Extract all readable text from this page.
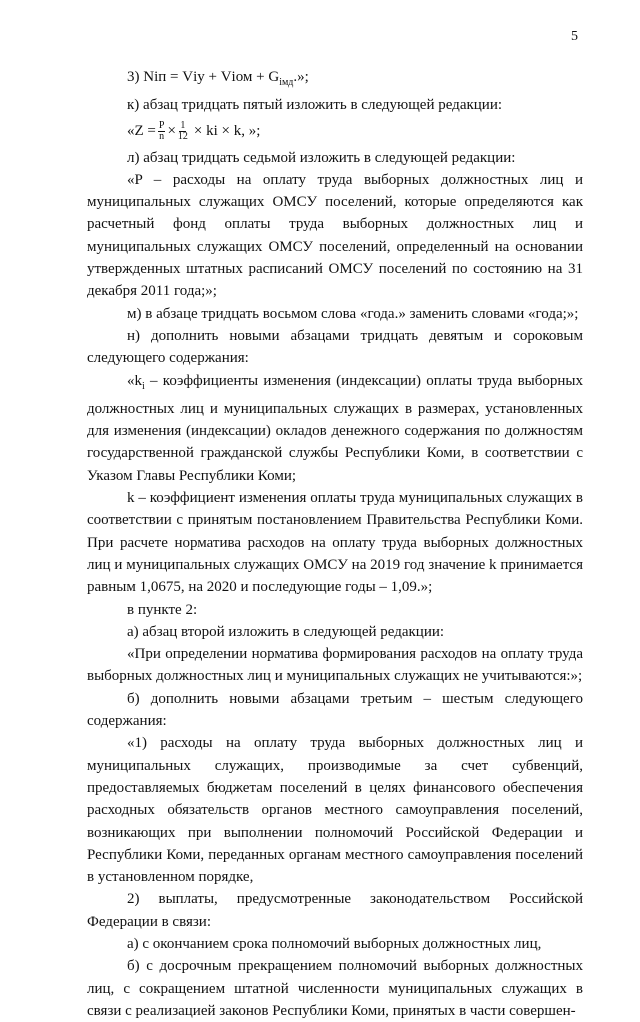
5

3) Nіп = Vіу + Vіом + $G_{імд}$.»;

к) абзац тридцать пятый изложить в следующей редакции:

«$Z = \frac{P}{n} \times \frac{1}{12}$ × ki × k, »;

л) абзац тридцать седьмой изложить в следующей редакции:

«P – расходы на оплату труда выборных должностных лиц и муниципальных служащих ОМСУ поселений, которые определяются как расчетный фонд оплаты труда выборных должностных лиц и муниципальных служащих ОМСУ поселений, определенный на основании утвержденных штатных расписаний ОМСУ поселений по состоянию на 31 декабря 2011 года;»;

м) в абзаце тридцать восьмом слова «года.» заменить словами «года;»;

н) дополнить новыми абзацами тридцать девятым и сороковым следующего содержания:

«$k_i$ – коэффициенты изменения (индексации) оплаты труда выборных должностных лиц и муниципальных служащих в размерах, установленных для изменения (индексации) окладов денежного содержания по должностям государственной гражданской службы Республики Коми, в соответствии с Указом Главы Республики Коми;

k – коэффициент изменения оплаты труда муниципальных служащих в соответствии с принятым постановлением Правительства Республики Коми. При расчете норматива расходов на оплату труда выборных должностных лиц и муниципальных служащих ОМСУ на 2019 год значение k принимается равным 1,0675, на 2020 и последующие годы – 1,09.»;

в пункте 2:

а) абзац второй изложить в следующей редакции:

«При определении норматива формирования расходов на оплату труда выборных должностных лиц и муниципальных служащих не учитываются:»;

б) дополнить новыми абзацами третьим – шестым следующего содержания:

«1) расходы на оплату труда выборных должностных лиц и муниципальных служащих, производимые за счет субвенций, предоставляемых бюджетам поселений в целях финансового обеспечения расходных обязательств органов местного самоуправления поселений, возникающих при выполнении полномочий Российской Федерации и Республики Коми, переданных органам местного самоуправления поселений в установленном порядке,

2) выплаты, предусмотренные законодательством Российской Федерации в связи:

а) с окончанием срока полномочий выборных должностных лиц,

б) с досрочным прекращением полномочий выборных должностных лиц, с сокращением штатной численности муниципальных служащих в связи с реализацией законов Республики Коми, принятых в части совершен-
